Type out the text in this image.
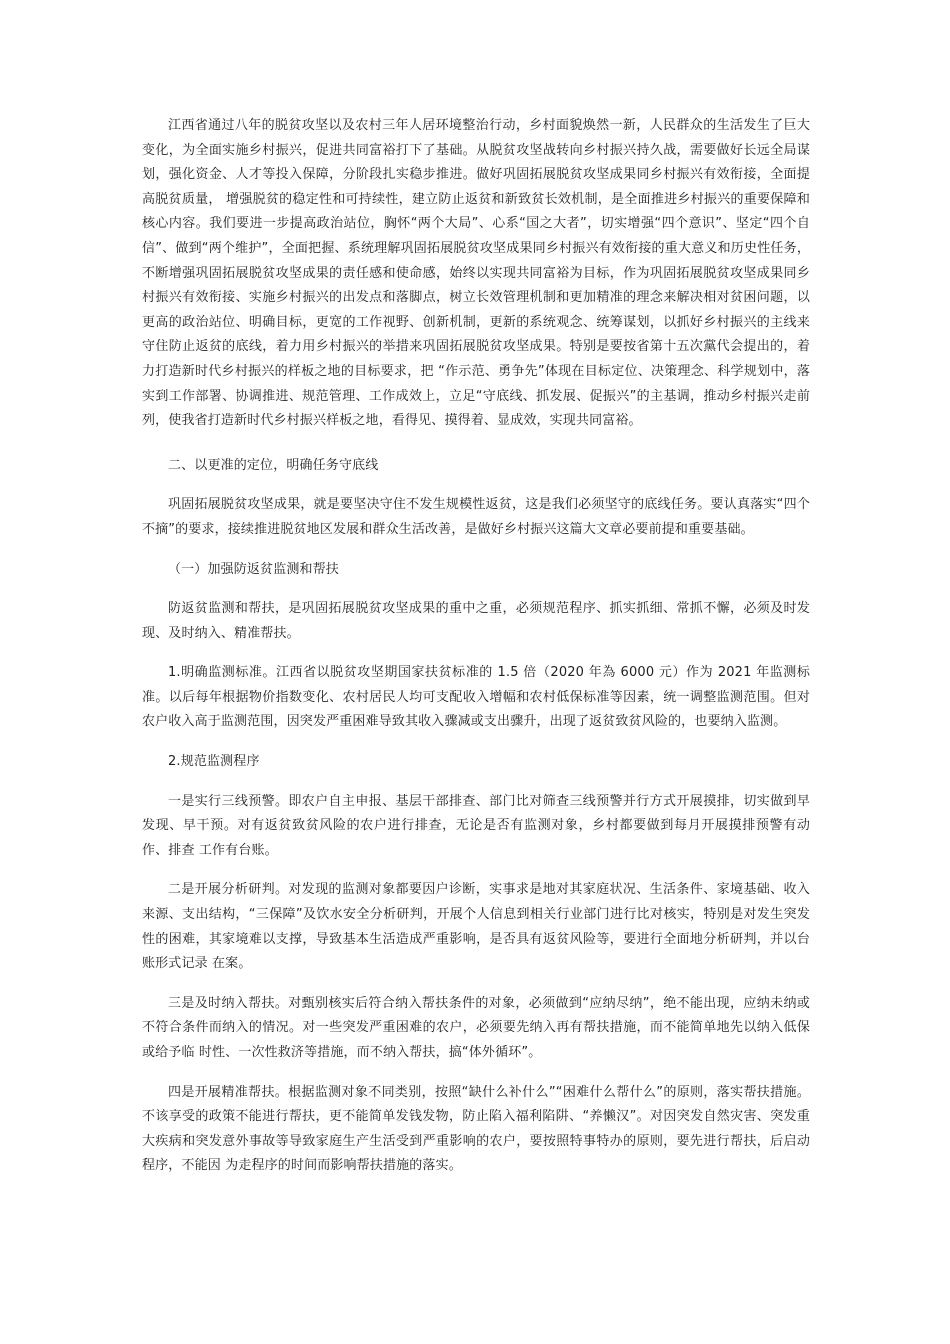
江西省通过八年的脱贫攻坚以及农村三年人居环境整治行动，乡村面貌焕然一新，人民群众的生活发生了巨大变化，为全面实施乡村振兴，促进共同富裕打下了基础。从脱贫攻坚战转向乡村振兴持久战，需要做好长远全局谋划，强化资金、人才等投入保障，分阶段扎实稳步推进。做好巩固拓展脱贫攻坚成果同乡村振兴有效衔接，全面提高脱贫质量， 增强脱贫的稳定性和可持续性，建立防止返贫和新致贫长效机制，是全面推进乡村振兴的重要保障和核心内容。我们要进一步提高政治站位，胸怀“两个大局”、心系“国之大者”，切实增强“四个意识”、坚定“四个自信”、做到“两个维护”，全面把握、系统理解巩固拓展脱贫攻坚成果同乡村振兴有效衔接的重大意义和历史性任务，不断增强巩固拓展脱贫攻坚成果的责任感和使命感，始终以实现共同富裕为目标，作为巩固拓展脱贫攻坚成果同乡村振兴有效衔接、实施乡村振兴的出发点和落脚点，树立长效管理机制和更加精准的理念来解决相对贫困问题，以更高的政治站位、明确目标，更宽的工作视野、创新机制，更新的系统观念、统筹谋划，以抓好乡村振兴的主线来守住防止返贫的底线，着力用乡村振兴的举措来巩固拓展脱贫攻坚成果。特别是要按省第十五次黨代会提出的，着力打造新时代乡村振兴的样板之地的目标要求，把 “作示范、勇争先”体现在目标定位、决策理念、科学规划中，落实到工作部署、协调推进、规范管理、工作成效上，立足“守底线、抓发展、促振兴”的主基调，推动乡村振兴走前列，使我省打造新时代乡村振兴样板之地，看得见、摸得着、显成效，实现共同富裕。

二、以更准的定位，明确任务守底线

巩固拓展脱贫攻坚成果，就是要坚决守住不发生规模性返贫，这是我们必须坚守的底线任务。要认真落实“四个不摘”的要求，接续推进脱贫地区发展和群众生活改善，是做好乡村振兴这篇大文章必要前提和重要基础。

（一）加强防返贫监测和帮扶

防返贫监测和帮扶，是巩固拓展脱贫攻坚成果的重中之重，必须规范程序、抓实抓细、常抓不懈，必须及时发现、及时纳入、精准帮扶。

1.明确监测标准。江西省以脱贫攻坚期国家扶贫标准的 1.5 倍（2020 年為 6000 元）作为 2021 年监测标准。以后每年根据物价指数变化、农村居民人均可支配收入增幅和农村低保标准等因素，统一调整监测范围。但对农户收入高于监测范围，因突发严重困难导致其收入骤减或支出骤升，出现了返贫致贫风险的，也要纳入监测。

2.规范监测程序

一是实行三线预警。即农户自主申报、基层干部排查、部门比对筛查三线预警并行方式开展摸排，切实做到早发现、早干预。对有返贫致贫风险的农户进行排查，无论是否有监测对象，乡村都要做到每月开展摸排预警有动作、排查 工作有台账。

二是开展分析研判。对发现的监测对象都要因户诊断，实事求是地对其家庭状况、生活条件、家境基础、收入来源、支出结构，“三保障”及饮水安全分析研判，开展个人信息到相关行业部门进行比对核实，特别是对发生突发性的困难，其家境难以支撑，导致基本生活造成严重影响，是否具有返贫风险等，要进行全面地分析研判，并以台账形式记录 在案。

三是及时纳入帮扶。对甄别核实后符合纳入帮扶条件的对象，必须做到“应纳尽纳”，绝不能出现，应纳未纳或不符合条件而纳入的情况。对一些突发严重困难的农户，必须要先纳入再有帮扶措施，而不能简单地先以纳入低保或给予临 时性、一次性救济等措施，而不纳入帮扶，搞“体外循环”。

四是开展精准帮扶。根据监测对象不同类别，按照“缺什么补什么”“困难什么帮什么”的原则，落实帮扶措施。不该享受的政策不能进行帮扶，更不能简单发钱发物，防止陷入福利陷阱、“养懒汉”。对因突发自然灾害、突发重大疾病和突发意外事故等导致家庭生产生活受到严重影响的农户，要按照特事特办的原则，要先进行帮扶，后启动程序，不能因 为走程序的时间而影响帮扶措施的落实。
